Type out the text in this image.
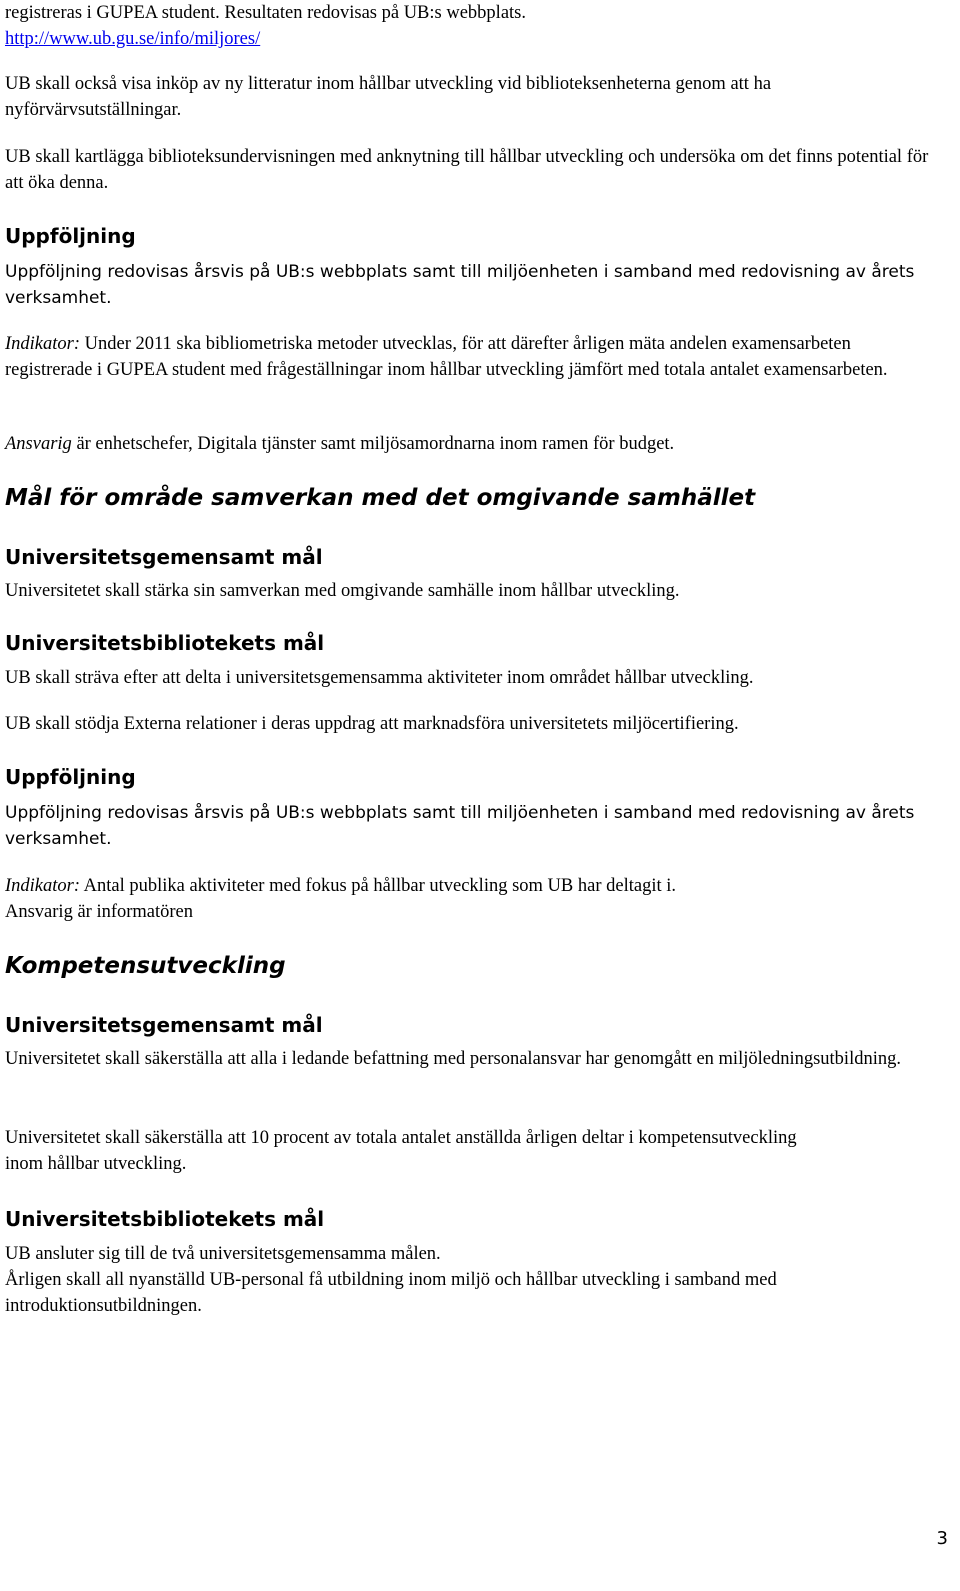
registreras i GUPEA student. Resultaten redovisas på UB:s webbplats.

http://www.ub.gu.se/info/miljores/

UB skall också visa inköp av ny litteratur inom hållbar utveckling vid biblioteksenheterna genom att ha nyförvärvsutställningar.

UB skall kartlägga biblioteksundervisningen med anknytning till hållbar utveckling och undersöka om det finns potential för att öka denna.

Uppföljning

Uppföljning redovisas årsvis på UB:s webbplats samt till miljöenheten i samband med redovisning av årets verksamhet.

Indikator: Under 2011 ska bibliometriska metoder utvecklas, för att därefter årligen mäta andelen examensarbeten registrerade i GUPEA student med frågeställningar inom hållbar utveckling jämfört med totala antalet examensarbeten.

Ansvarig är enhetschefer, Digitala tjänster samt miljösamordnarna inom ramen för budget.

Mål för område samverkan med det omgivande samhället
Universitetsgemensamt mål

Universitetet skall stärka sin samverkan med omgivande samhälle inom hållbar utveckling.

Universitetsbibliotekets mål

UB skall sträva efter att delta i universitetsgemensamma aktiviteter inom området hållbar utveckling.

UB skall stödja Externa relationer i deras uppdrag att marknadsföra universitetets miljöcertifiering.

Uppföljning

Uppföljning redovisas årsvis på UB:s webbplats samt till miljöenheten i samband med redovisning av årets verksamhet.

Indikator: Antal publika aktiviteter med fokus på hållbar utveckling som UB har deltagit i.

Ansvarig är informatören

Kompetensutveckling
Universitetsgemensamt mål

Universitetet skall säkerställa att alla i ledande befattning med personalansvar har genomgått en miljöledningsutbildning.

Universitetet skall säkerställa att 10 procent av totala antalet anställda årligen deltar i kompetensutveckling inom hållbar utveckling.

Universitetsbibliotekets mål

UB ansluter sig till de två universitetsgemensamma målen.

Årligen skall all nyanställd UB-personal få utbildning inom miljö och hållbar utveckling i samband med introduktionsutbildningen.

3
